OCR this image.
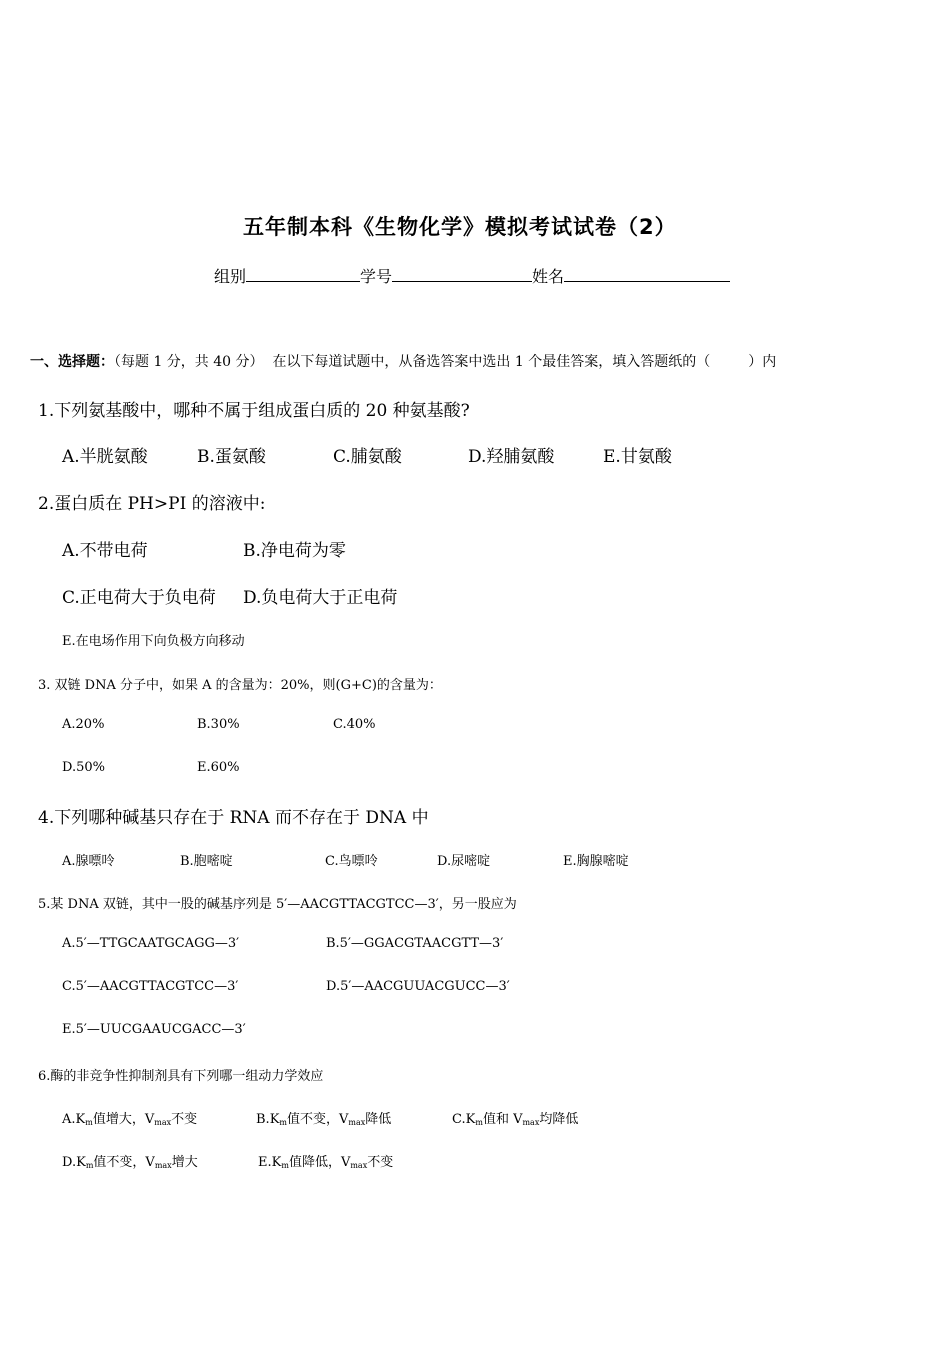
五年制本科《生物化学》模拟考试试卷（2）
组别	学号	姓名
一、选择题：（每题 1 分，共 40 分） 在以下每道试题中，从备选答案中选出 1 个最佳答案，填入答题纸的（	）内
1.下列氨基酸中，哪种不属于组成蛋白质的 20 种氨基酸?
A.半胱氨酸	B.蛋氨酸	C.脯氨酸	D.羟脯氨酸	E.甘氨酸
2.蛋白质在 PH>PI 的溶液中:
A.不带电荷	B.净电荷为零
C.正电荷大于负电荷 D.负电荷大于正电荷
E.在电场作用下向负极方向移动
3. 双链 DNA 分子中，如果 A 的含量为：20%，则(G+C)的含量为：
A.20%	B.30%	C.40%
D.50%	E.60%
4.下列哪种碱基只存在于 RNA 而不存在于 DNA 中
A.腺嘌呤	B.胞嘧啶	C.鸟嘌呤	D.尿嘧啶	E.胸腺嘧啶
5.某 DNA 双链，其中一股的碱基序列是 5′—AACGTTACGTCC—3′，另一股应为
A.5′—TTGCAATGCAGG—3′	B.5′—GGACGTAACGTT—3′
C.5′—AACGTTACGTCC—3′	D.5′—AACGUUACGUCC—3′
E.5′—UUCGAAUCGACC—3′
6.酶的非竞争性抑制剂具有下列哪一组动力学效应
$A.K_m$值增大，$V_{max}$不变	$B.K_m$值不变，$V_{max}$降低	$C.K_m$值和 $V_{max}$均降低
$D.K_m$值不变，$V_{max}$增大	$E.K_m$值降低，$V_{max}$不变
